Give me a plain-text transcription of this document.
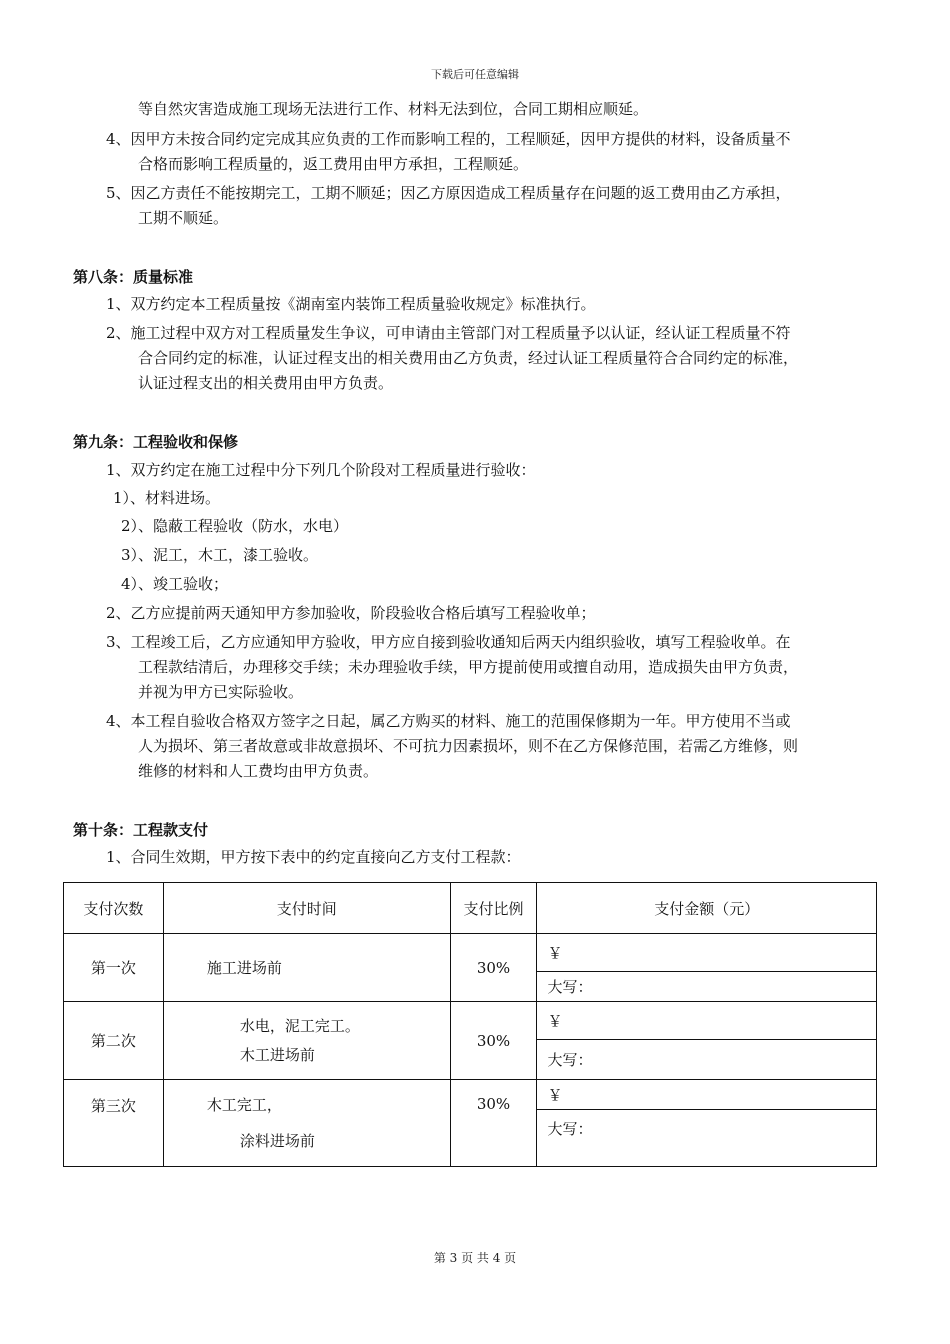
下载后可任意编辑
等自然灾害造成施工现场无法进行工作、材料无法到位，合同工期相应顺延。
4、因甲方未按合同约定完成其应负责的工作而影响工程的，工程顺延，因甲方提供的材料，设备质量不
合格而影响工程质量的，返工费用由甲方承担，工程顺延。
5、因乙方责任不能按期完工，工期不顺延；因乙方原因造成工程质量存在问题的返工费用由乙方承担，
工期不顺延。
第八条：质量标准
1、双方约定本工程质量按《湖南室内装饰工程质量验收规定》标准执行。
2、施工过程中双方对工程质量发生争议，可申请由主管部门对工程质量予以认证，经认证工程质量不符
合合同约定的标准，认证过程支出的相关费用由乙方负责，经过认证工程质量符合合同约定的标准，
认证过程支出的相关费用由甲方负责。
第九条：工程验收和保修
1、双方约定在施工过程中分下列几个阶段对工程质量进行验收：
1）、材料进场。
2）、隐蔽工程验收（防水，水电）
3）、泥工，木工，漆工验收。
4）、竣工验收；
2、乙方应提前两天通知甲方参加验收，阶段验收合格后填写工程验收单；
3、工程竣工后，乙方应通知甲方验收，甲方应自接到验收通知后两天内组织验收，填写工程验收单。在
工程款结清后，办理移交手续；未办理验收手续，甲方提前使用或擅自动用，造成损失由甲方负责，
并视为甲方已实际验收。
4、本工程自验收合格双方签字之日起，属乙方购买的材料、施工的范围保修期为一年。甲方使用不当或
人为损坏、第三者故意或非故意损坏、不可抗力因素损坏，则不在乙方保修范围，若需乙方维修，则
维修的材料和人工费均由甲方负责。
第十条：工程款支付
1、合同生效期，甲方按下表中的约定直接向乙方支付工程款：
支付次数	支付时间	支付比例	支付金额（元）
第一次	施工进场前	30%	￥
			大写：
第二次	水电，泥工完工。
木工进场前	30%	￥
			大写：
第三次	木工完工，
涂料进场前	30%	￥
			大写：
第 3 页 共 4 页
